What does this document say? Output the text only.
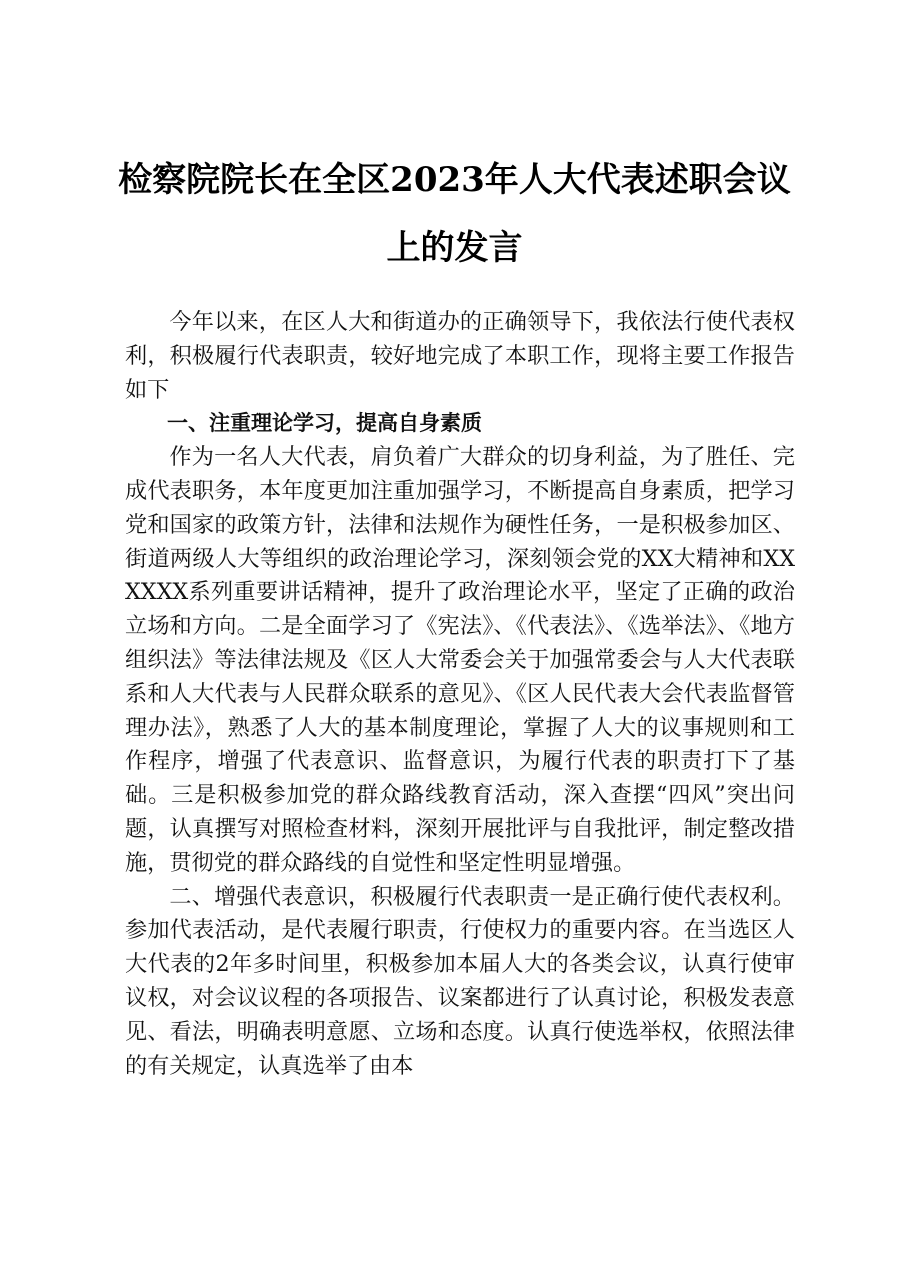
检察院院长在全区2023年人大代表述职会议
上的发言

今年以来，在区人大和街道办的正确领导下，我依法行使代表权利，积极履行代表职责，较好地完成了本职工作，现将主要工作报告如下

一、注重理论学习，提高自身素质

作为一名人大代表，肩负着广大群众的切身利益，为了胜任、完成代表职务，本年度更加注重加强学习，不断提高自身素质，把学习党和国家的政策方针，法律和法规作为硬性任务，一是积极参加区、街道两级人大等组织的政治理论学习，深刻领会党的XX大精神和XXXXXX系列重要讲话精神，提升了政治理论水平，坚定了正确的政治立场和方向。二是全面学习了《宪法》、《代表法》、《选举法》、《地方组织法》等法律法规及《区人大常委会关于加强常委会与人大代表联系和人大代表与人民群众联系的意见》、《区人民代表大会代表监督管理办法》，熟悉了人大的基本制度理论，掌握了人大的议事规则和工作程序，增强了代表意识、监督意识，为履行代表的职责打下了基础。三是积极参加党的群众路线教育活动，深入查摆“四风”突出问题，认真撰写对照检查材料，深刻开展批评与自我批评，制定整改措施，贯彻党的群众路线的自觉性和坚定性明显增强。

二、增强代表意识，积极履行代表职责一是正确行使代表权利。参加代表活动，是代表履行职责，行使权力的重要内容。在当选区人大代表的2年多时间里，积极参加本届人大的各类会议，认真行使审议权，对会议议程的各项报告、议案都进行了认真讨论，积极发表意见、看法，明确表明意愿、立场和态度。认真行使选举权，依照法律的有关规定，认真选举了由本
